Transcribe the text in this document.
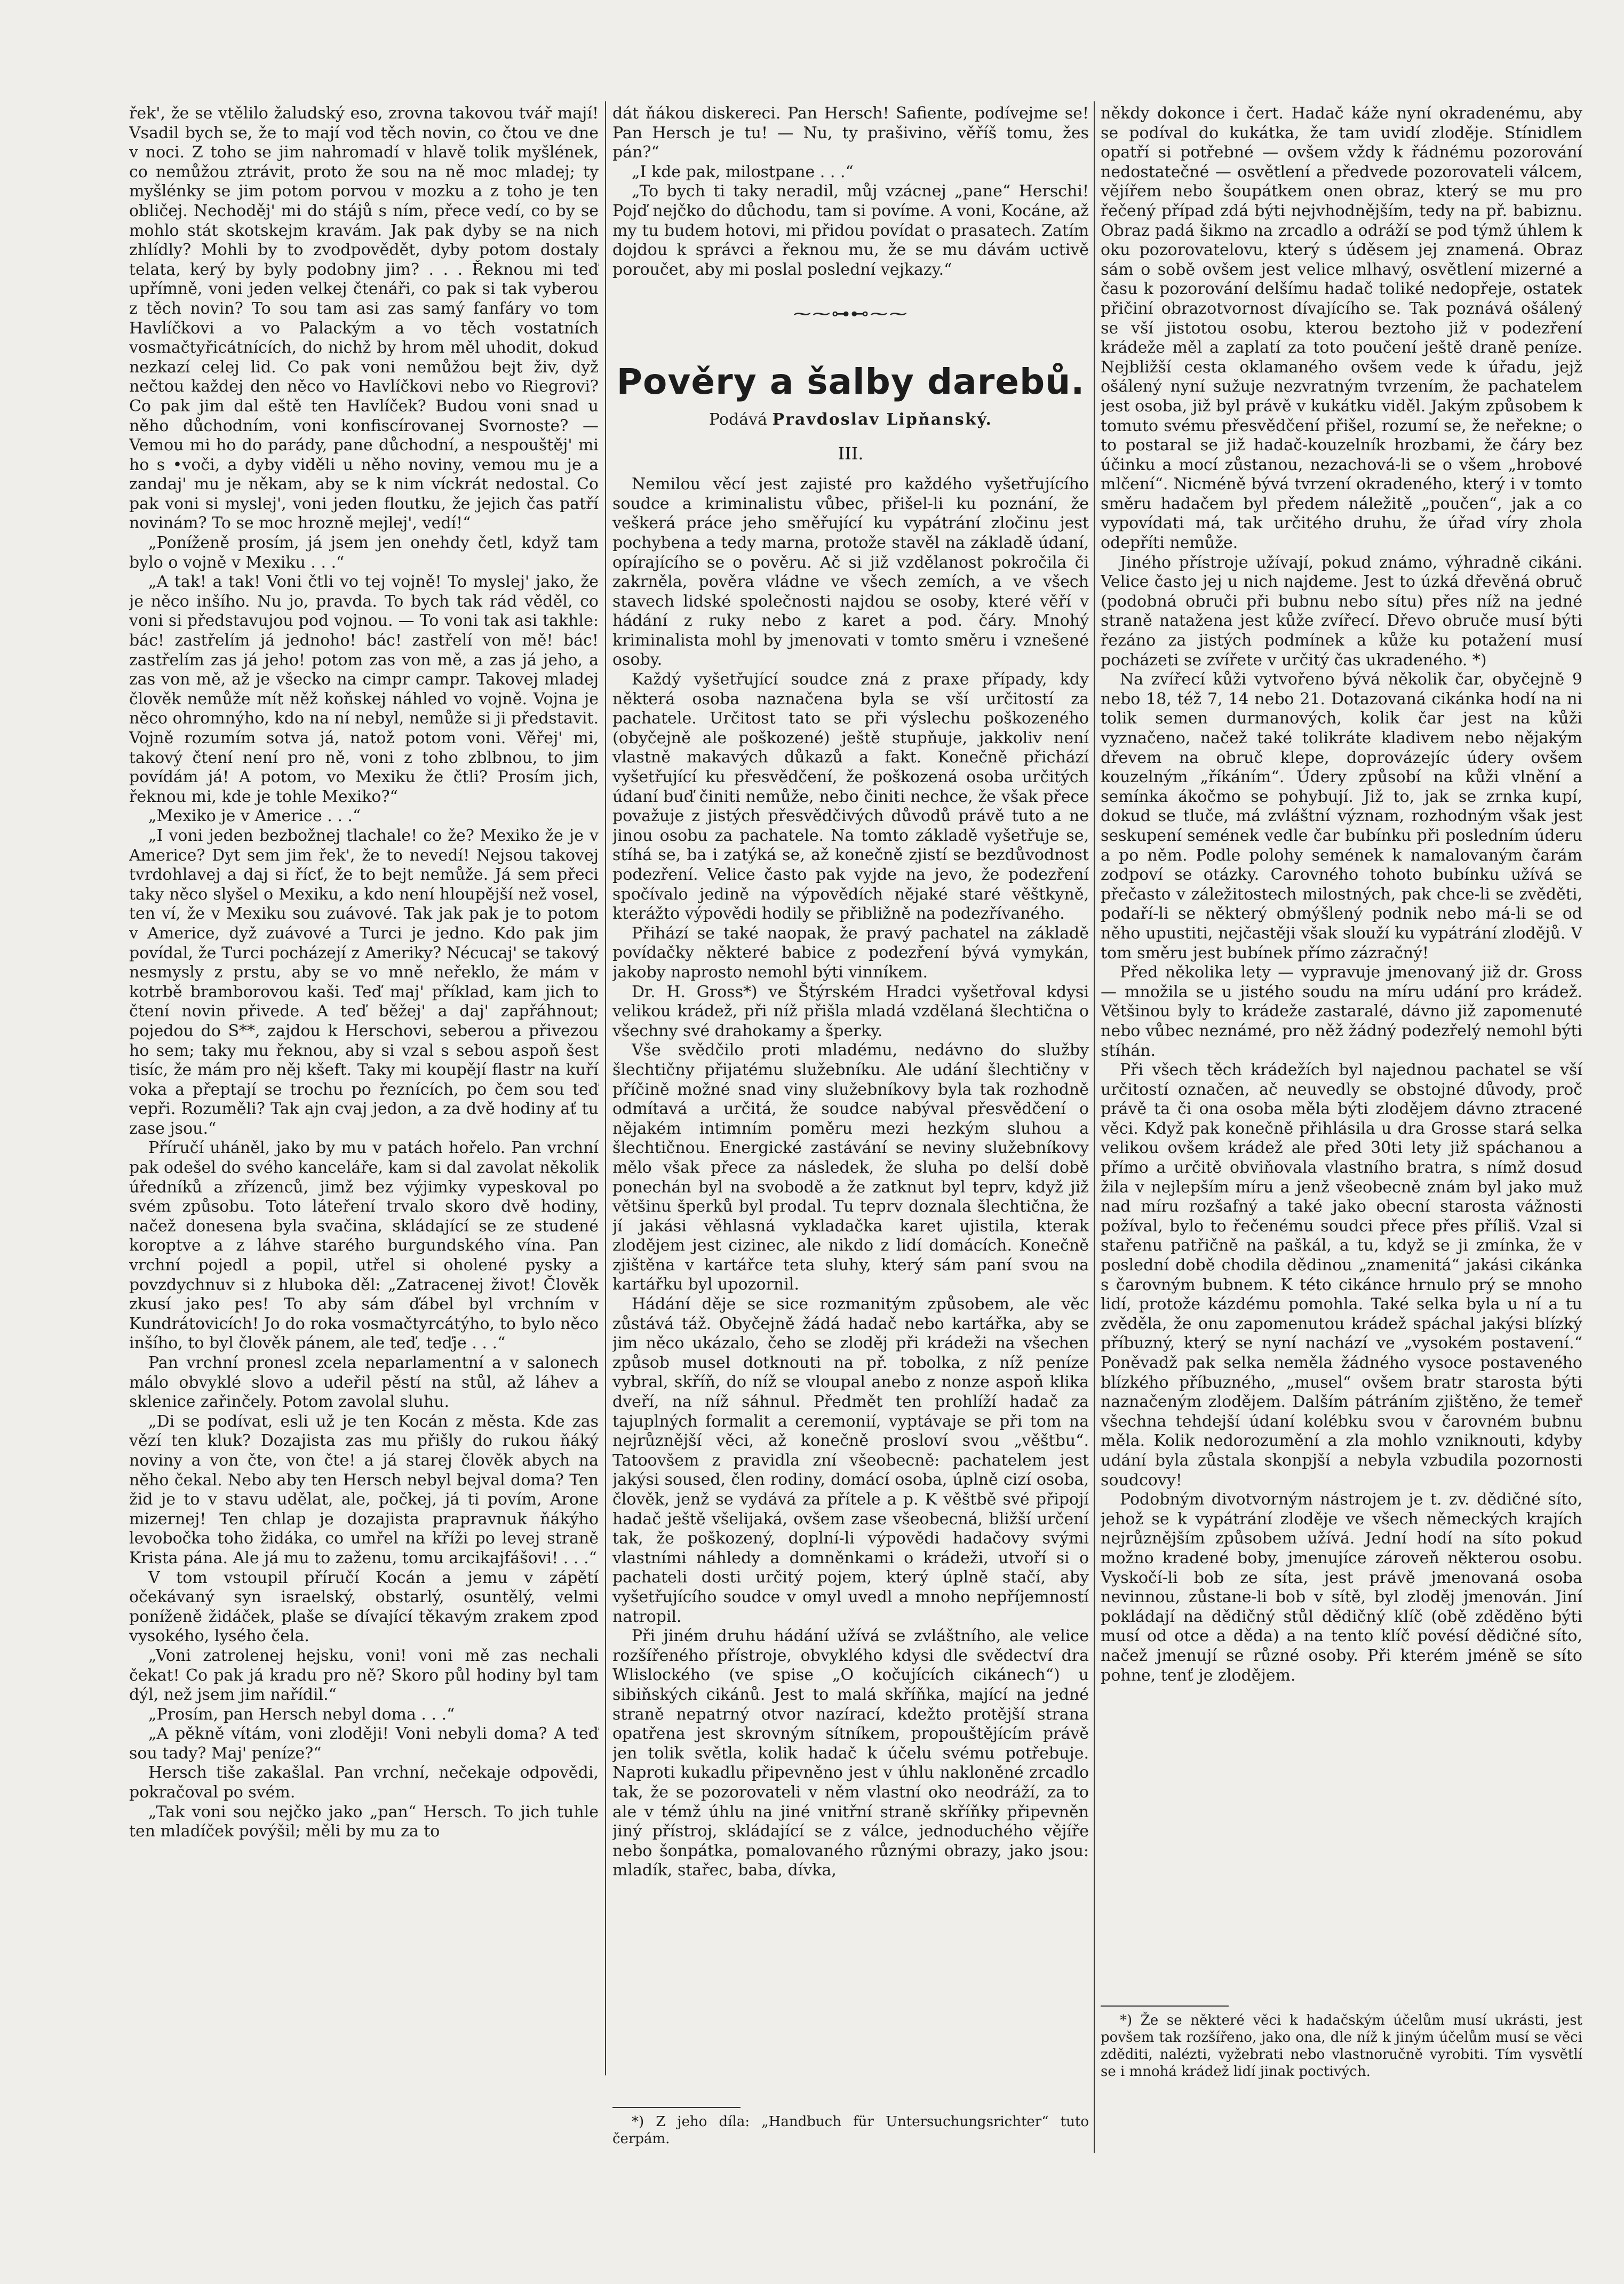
řek', že se vtělilo žaludský eso, zrovna takovou tvář mají! Vsadil bych se, že to mají vod těch novin, co čtou ve dne v noci. Z toho se jim nahromadí v hlavě tolik myšlének, co nemůžou ztrávit, proto že sou na ně moc mladej; ty myšlénky se jim potom porvou v mozku a z toho je ten obličej. Nechoděj' mi do stájů s ním, přece vedí, co by se mohlo stát skotskejm kravám. Jak pak dyby se na nich zhlídly? Mohli by to zvodpovědět, dyby potom dostaly telata, kerý by byly podobny jim? . . . Řeknou mi teď upřímně, voni jeden velkej čtenáři, co pak si tak vyberou z těch novin? To sou tam asi zas samý fanfáry vo tom Havlíčkovi a vo Palackým a vo těch vostatních vosmačtyřicátnících, do nichž by hrom měl uhodit, dokud nezkazí celej lid. Co pak voni nemůžou bejt živ, dyž nečtou každej den něco vo Havlíčkovi nebo vo Riegrovi? Co pak jim dal eště ten Havlíček? Budou voni snad u něho důchodním, voni konfiscírovanej Svornoste? — Vemou mi ho do parády, pane důchodní, a nespouštěj' mi ho s •voči, a dyby viděli u něho noviny, vemou mu je a zandaj' mu je někam, aby se k nim víckrát nedostal. Co pak voni si myslej', voni jeden floutku, že jejich čas patří novinám? To se moc hrozně mejlej', vedí!“

„Poníženě prosím, já jsem jen onehdy četl, když tam bylo o vojně v Mexiku . . .“

„A tak! a tak! Voni čtli vo tej vojně! To myslej' jako, že je něco inšího. Nu jo, pravda. To bych tak rád věděl, co voni si představujou pod vojnou. — To voni tak asi takhle: bác! zastřelím já jednoho! bác! zastřelí von mě! bác! zastřelím zas já jeho! potom zas von mě, a zas já jeho, a zas von mě, až je všecko na cimpr campr. Takovej mladej člověk nemůže mít něž koňskej náhled vo vojně. Vojna je něco ohromnýho, kdo na ní nebyl, nemůže si ji představit. Vojně rozumím sotva já, natož potom voni. Věřej' mi, takový čtení není pro ně, voni z toho zblbnou, to jim povídám já! A potom, vo Mexiku že čtli? Prosím jich, řeknou mi, kde je tohle Mexiko?“

„Mexiko je v Americe . . .“

„I voni jeden bezbožnej tlachale! co že? Mexiko že je v Americe? Dyt sem jim řek', že to nevedí! Nejsou takovej tvrdohlavej a daj si řícť, že to bejt nemůže. Já sem přeci taky něco slyšel o Mexiku, a kdo není hloupější než vosel, ten ví, že v Mexiku sou zuávové. Tak jak pak je to potom v Americe, dyž zuávové a Turci je jedno. Kdo pak jim povídal, že Turci pocházejí z Ameriky? Nécucaj' se takový nesmysly z prstu, aby se vo mně neřeklo, že mám v kotrbě bramborovou kaši. Teď maj' příklad, kam jich to čtení novin přivede. A teď běžej' a daj' zapřáhnout; pojedou do S**, zajdou k Herschovi, seberou a přivezou ho sem; taky mu řeknou, aby si vzal s sebou aspoň šest tisíc, že mám pro něj kšeft. Taky mi koupějí flastr na kuří voka a přeptají se trochu po řeznících, po čem sou teď vepři. Rozuměli? Tak ajn cvaj jedon, a za dvě hodiny ať tu zase jsou.“

Příručí uháněl, jako by mu v patách hořelo. Pan vrchní pak odešel do svého kanceláře, kam si dal zavolat několik úředníků a zřízenců, jimž bez výjimky vypeskoval po svém způsobu. Toto láteření trvalo skoro dvě hodiny, načež donesena byla svačina, skládající se ze studené koroptve a z láhve starého burgundského vína. Pan vrchní pojedl a popil, utřel si oholené pysky a povzdychnuv si z hluboka děl: „Zatracenej život! Člověk zkusí jako pes! To aby sám ďábel byl vrchním v Kundrátovicích! Jo do roka vosmačtyrcátýho, to bylo něco inšího, to byl člověk pánem, ale teď, teďje . . .“

Pan vrchní pronesl zcela neparlamentní a v salonech málo obvyklé slovo a udeřil pěstí na stůl, až láhev a sklenice zařinčely. Potom zavolal sluhu.

„Di se podívat, esli už je ten Kocán z města. Kde zas vězí ten kluk? Dozajista zas mu přišly do rukou ňáký noviny a von čte, von čte! a já starej člověk abych na něho čekal. Nebo aby ten Hersch nebyl bejval doma? Ten žid je to v stavu udělat, ale, počkej, já ti povím, Arone mizernej! Ten chlap je dozajista prapravnuk ňákýho levobočka toho židáka, co umřel na kříži po levej straně Krista pána. Ale já mu to zaženu, tomu arcikajfášovi! . . .“

V tom vstoupil příručí Kocán a jemu v zápětí očekávaný syn israelský, obstarlý, osuntělý, velmi poníženě židáček, plaše se dívající těkavým zrakem zpod vysokého, lysého čela.

„Voni zatrolenej hejsku, voni! voni mě zas nechali čekat! Co pak já kradu pro ně? Skoro půl hodiny byl tam dýl, než jsem jim nařídil.“

„Prosím, pan Hersch nebyl doma . . .“

„A pěkně vítám, voni zloději! Voni nebyli doma? A teď sou tady? Maj' peníze?“

Hersch tiše zakašlal. Pan vrchní, nečekaje odpovědi, pokračoval po svém.

„Tak voni sou nejčko jako „pan“ Hersch. To jich tuhle ten mladíček povýšil; měli by mu za to

dát ňákou diskereci. Pan Hersch! Safiente, podívejme se! Pan Hersch je tu! — Nu, ty prašivino, věříš tomu, žes pán?“

„I kde pak, milostpane . . .“

„To bych ti taky neradil, můj vzácnej „pane“ Herschi! Pojď nejčko do důchodu, tam si povíme. A voni, Kocáne, až my tu budem hotovi, mi přidou povídat o prasatech. Zatím dojdou k správci a řeknou mu, že se mu dávám uctivě poroučet, aby mi poslal poslední vejkazy.“

⁓⁓⊶⊷⁓⁓
Pověry a šalby darebů.
Podává Pravdoslav Lipňanský.
III.

Nemilou věcí jest zajisté pro každého vyšetřujícího soudce a kriminalistu vůbec, přišel-li ku poznání, že veškerá práce jeho směřující ku vypátrání zločinu jest pochybena a tedy marna, protože stavěl na základě údaní, opírajícího se o pověru. Ač si již vzdělanost pokročila či zakrněla, pověra vládne ve všech zemích, a ve všech stavech lidské společnosti najdou se osoby, které věří v hádání z ruky nebo z karet a pod. čáry. Mnohý kriminalista mohl by jmenovati v tomto směru i vznešené osoby.

Každý vyšetřující soudce zná z praxe případy, kdy některá osoba naznačena byla se vší určitostí za pachatele. Určitost tato se při výslechu poškozeného (obyčejně ale poškozené) ještě stupňuje, jakkoliv není vlastně makavých důkazů a fakt. Konečně přichází vyšetřující ku přesvědčení, že poškozená osoba určitých údaní buď činiti nemůže, nebo činiti nechce, že však přece považuje z jistých přesvědčivých důvodů právě tuto a ne jinou osobu za pachatele. Na tomto základě vyšetřuje se, stíhá se, ba i zatýká se, až konečně zjistí se bezdůvodnost podezření. Velice často pak vyjde na jevo, že podezření spočívalo jedině na výpovědích nějaké staré věštkyně, kterážto výpovědi hodily se přibližně na podezřívaného.

Přihází se také naopak, že pravý pachatel na základě povídačky některé babice z podezření bývá vymykán, jakoby naprosto nemohl býti vinníkem.

Dr. H. Gross*) ve Štýrském Hradci vyšetřoval kdysi velikou krádež, při níž přišla mladá vzdělaná šlechtična o všechny své drahokamy a šperky.

Vše svědčilo proti mladému, nedávno do služby šlechtičny přijatému služebníku. Ale udání šlechtičny v příčině možné snad viny služebníkovy byla tak rozhodně odmítavá a určitá, že soudce nabýval přesvědčení o nějakém intimním poměru mezi hezkým sluhou a šlechtičnou. Energické zastávání se neviny služebníkovy mělo však přece za následek, že sluha po delší době ponechán byl na svobodě a že zatknut byl teprv, když již většinu šperků byl prodal. Tu teprv doznala šlechtična, že jí jakási věhlasná vykladačka karet ujistila, kterak zlodějem jest cizinec, ale nikdo z lidí domácích. Konečně zjištěna v kartářce tetа sluhy, který sám paní svou na kartářku byl upozornil.

Hádání děje se sice rozmanitým způsobem, ale věc zůstává táž. Obyčejně žádá hadač nebo kartářka, aby se jim něco ukázalo, čeho se zloděj při krádeži na všechen způsob musel dotknouti na př. tobolka, z níž peníze vybral, skříň, do níž se vloupal anebo z nonze aspoň klika dveří, na níž sáhnul. Předmět ten prohlíží hadač za tajuplných formalit a ceremonií, vyptávaje se při tom na nejrůznější věci, až konečně prosloví svou „věštbu“. Tatoovšem z pravidla zní všeobecně: pachatelem jest jakýsi soused, člen rodiny, domácí osoba, úplně cizí osoba, člověk, jenž se vydává za přítele a p. K věštbě své připojí hadač ještě všelijaká, ovšem zase všeobecná, bližší určení tak, že poškozený, doplní-li výpovědi hadačovy svými vlastními náhledy a domněnkami o krádeži, utvoří si o pachateli dosti určitý pojem, který úplně stačí, aby vyšetřujícího soudce v omyl uvedl a mnoho nepříjemností natropil.

Při jiném druhu hádání užívá se zvláštního, ale velice rozšířeného přístroje, obvyklého kdysi dle svědectví dra Wlislockého (ve spise „O kočujících cikánech“) u sibiňských cikánů. Jest to malá skříňka, mající na jedné straně nepatrný otvor nazírací, kdežto protější strana opatřena jest skrovným sítníkem, propouštějícím právě jen tolik světla, kolik hadač k účelu svému potřebuje. Naproti kukadlu připevněno jest v úhlu nakloněné zrcadlo tak, že se pozorovateli v něm vlastní oko neodráží, za to ale v témž úhlu na jiné vnitřní straně skříňky připevněn jiný přístroj, skládající se z válce, jednoduchého vějíře nebo šonpátka, pomalovaného různými obrazy, jako jsou: mladík, stařec, baba, dívka,

*) Z jeho díla: „Handbuch für Untersuchungsrichter“ tuto čerpám.

někdy dokonce i čert. Hadač káže nyní okradenému, aby se podíval do kukátka, že tam uvidí zloděje. Stínidlem opatří si potřebné — ovšem vždy k řádnému pozorování nedostatečné — osvětlení a předvede pozorovateli válcem, vějířem nebo šoupátkem onen obraz, který se mu pro řečený případ zdá býti nejvhodnějším, tedy na př. babiznu. Obraz padá šikmo na zrcadlo a odráží se pod týmž úhlem k oku pozorovatelovu, který s úděsem jej znamená. Obraz sám o sobě ovšem jest velice mlhavý, osvětlení mizerné a času k pozorování delšímu hadač toliké nedopřeje, ostatek přičiní obrazotvornost dívajícího se. Tak poznává ošálený se vší jistotou osobu, kterou beztoho již v podezření krádeže měl a zaplatí za toto poučení ještě draně peníze. Nejbližší cesta oklamaného ovšem vede k úřadu, jejž ošálený nyní sužuje nezvratným tvrzením, že pachatelem jest osoba, již byl právě v kukátku viděl. Jakým způsobem k tomuto svému přesvědčení přišel, rozumí se, že neřekne; o to postaral se již hadač-kouzelník hrozbami, že čáry bez účinku a mocí zůstanou, nezachová-li se o všem „hrobové mlčení“. Nicméně bývá tvrzení okradeného, který i v tomto směru hadačem byl předem náležitě „poučen“, jak a co vypovídati má, tak určitého druhu, že úřad víry zhola odepříti nemůže.

Jiného přístroje užívají, pokud známo, výhradně cikáni. Velice často jej u nich najdeme. Jest to úzká dřevěná obruč (podobná obruči při bubnu nebo sítu) přes níž na jedné straně natažena jest kůže zvířecí. Dřevo obruče musí býti řezáno za jistých podmínek a kůže ku potažení musí pocházeti se zvířete v určitý čas ukradeného. *)

Na zvířecí kůži vytvořeno bývá několik čar, obyčejně 9 nebo 18, též 7, 14 nebo 21. Dotazovaná cikánka hodí na ni tolik semen durmanových, kolik čar jest na kůži vyznačeno, načež také tolikráte kladivem nebo nějakým dřevem na obruč klepe, doprovázejíc údery ovšem kouzelným „říkáním“. Údery způsobí na kůži vlnění a semínka ákočmo se pohybují. Již to, jak se zrnka kupí, dokud se tluče, má zvláštní význam, rozhodným však jest seskupení semének vedle čar bubínku při posledním úderu a po něm. Podle polohy semének k namalovaným čarám zodpoví se otázky. Carovného tohoto bubínku užívá se přečasto v záležitostech milostných, pak chce-li se zvěděti, podaří-li se některý obmýšlený podnik nebo má-li se od něho upustiti, nejčastěji však slouží ku vypátrání zlodějů. V tom směru jest bubínek přímo zázračný!

Před několika lety — vypravuje jmenovaný již dr. Gross — množila se u jistého soudu na míru udání pro krádež. Většinou byly to krádeže zastaralé, dávno již zapomenuté nebo vůbec neznámé, pro něž žádný podezřelý nemohl býti stíhán.

Při všech těch krádežích byl najednou pachatel se vší určitostí označen, ač neuvedly se obstojné důvody, proč právě ta či ona osoba měla býti zlodějem dávno ztracené věci. Když pak konečně přihlásila u dra Grosse stará selka velikou ovšem krádež ale před 30ti lety již spáchanou a přímo a určitě obviňovala vlastního bratra, s nímž dosud žila v nejlepším míru a jenž všeobecně znám byl jako muž nad míru rozšafný a také jako obecní starosta vážnosti požíval, bylo to řečenému soudci přece přes příliš. Vzal si stařenu patřičně na paškál, a tu, když se ji zmínka, že v poslední době chodila dědinou „znamenitá“ jakási cikánka s čarovným bubnem. K této cikánce hrnulo prý se mnoho lidí, protože kázdému pomohla. Také selka byla u ní a tu zvěděla, že onu zapomenutou krádež spáchal jakýsi blízký příbuzný, který se nyní nachází ve „vysokém postavení.“ Poněvadž pak selka neměla žádného vysoce postaveného blízkého příbuzného, „musel“ ovšem bratr starosta býti naznačeným zlodějem. Dalším pátráním zjištěno, že temeř všechna tehdejší údaní kolébku svou v čarovném bubnu měla. Kolik nedorozumění a zla mohlo vzniknouti, kdyby udání byla zůstala skonpjší a nebyla vzbudila pozornosti soudcovy!

Podobným divotvorným nástrojem je t. zv. dědičné síto, jehož se k vypátrání zloděje ve všech německých krajích nejrůznějším způsobem užívá. Jední hodí na síto pokud možno kradené boby, jmenujíce zároveň některou osobu. Vyskočí-li bob ze síta, jest právě jmenovaná osoba nevinnou, zůstane-li bob v sítě, byl zloděj jmenován. Jiní pokládají na dědičný stůl dědičný klíč (obě zděděno býti musí od otce a děda) a na tento klíč povésí dědičné síto, načež jmenují se různé osoby. Při kterém jméně se síto pohne, tenť je zlodějem.

*) Že se některé věci k hadačským účelům musí ukrásti, jest povšem tak rozšířeno, jako ona, dle níž k jiným účelům musí se věci zděditi, nalézti, vyžebrati nebo vlastnoručně vyrobiti. Tím vysvětlí se i mnohá krádež lidí jinak poctivých.
